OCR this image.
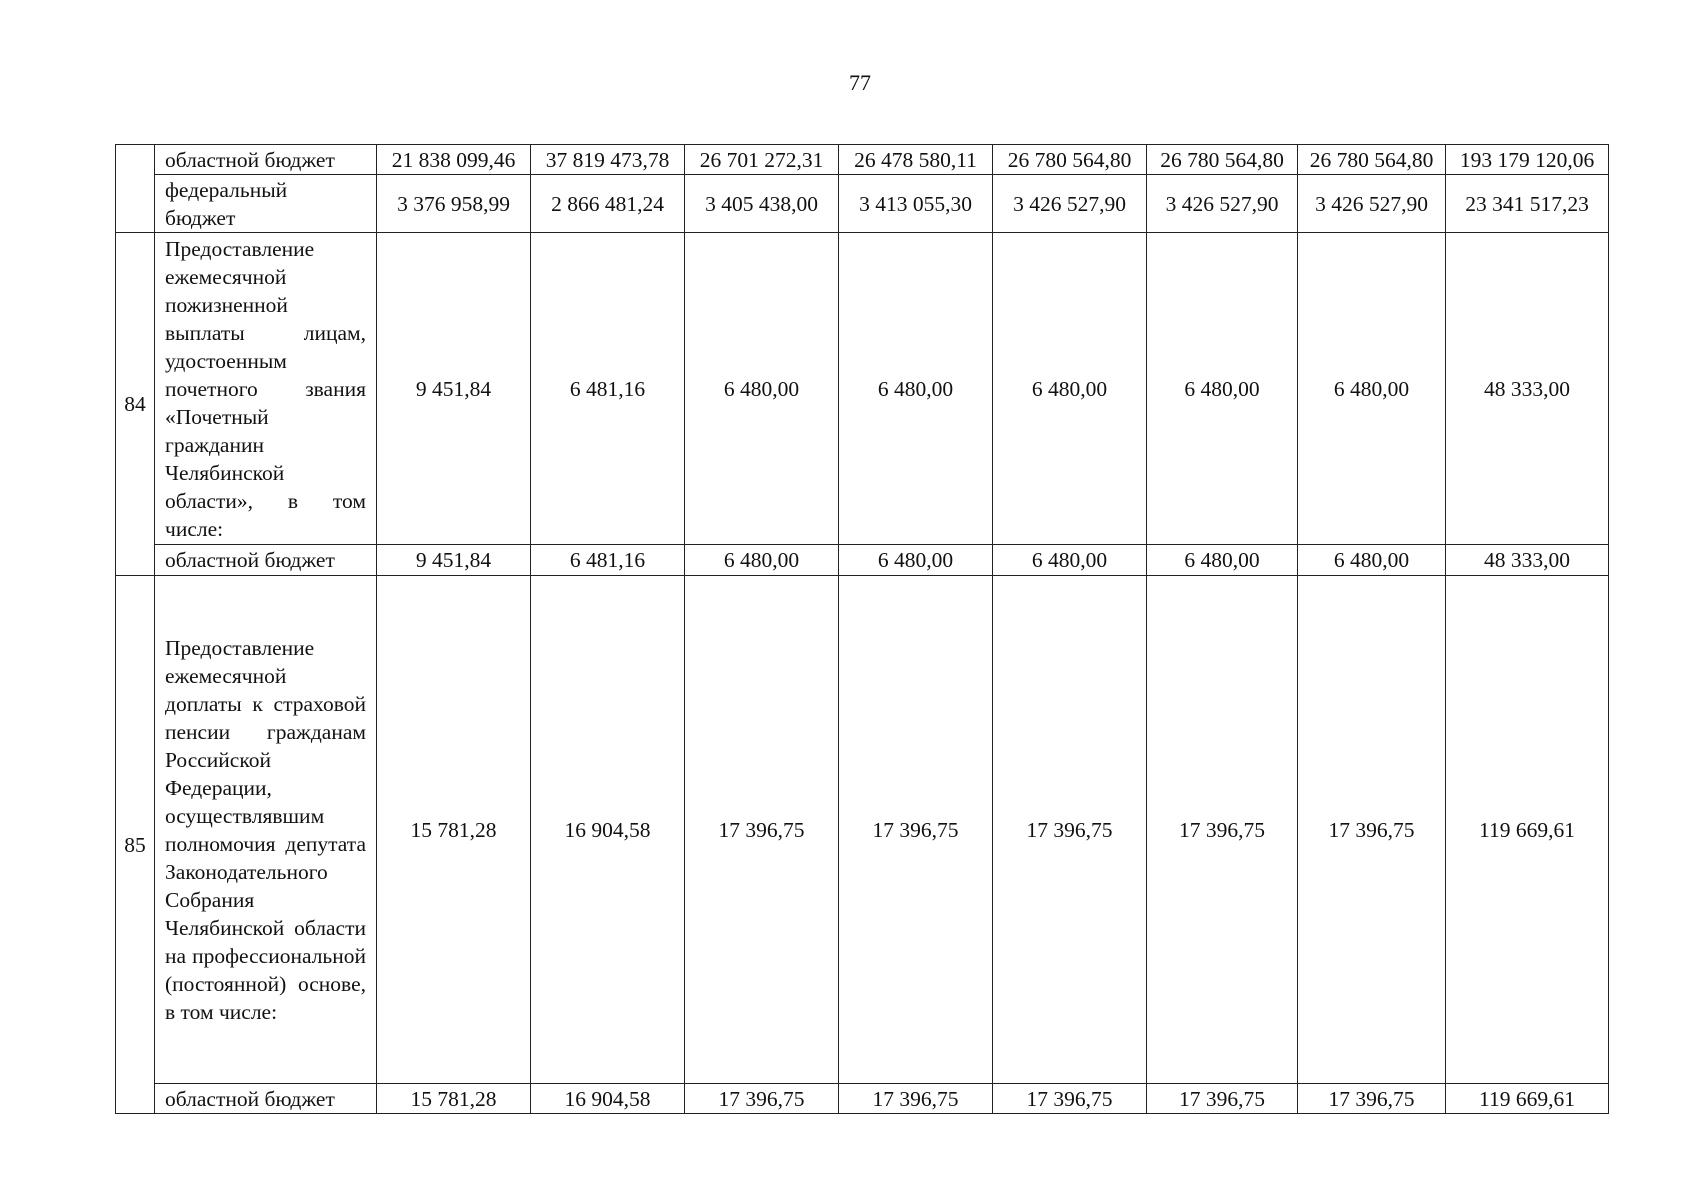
77
	областной бюджет	21 838 099,46	37 819 473,78	26 701 272,31	26 478 580,11	26 780 564,80	26 780 564,80	26 780 564,80	193 179 120,06

	федеральный бюджет	3 376 958,99	2 866 481,24	3 405 438,00	3 413 055,30	3 426 527,90	3 426 527,90	3 426 527,90	23 341 517,23
84	Предоставление ежемесячной пожизненной выплаты лицам, удостоенным почетного звания «Почетный гражданин Челябинской области», в том числе:	9 451,84	6 481,16	6 480,00	6 480,00	6 480,00	6 480,00	6 480,00	48 333,00
	областной бюджет	9 451,84	6 481,16	6 480,00	6 480,00	6 480,00	6 480,00	6 480,00	48 333,00
85	Предоставление ежемесячной доплаты к страховой пенсии гражданам Российской Федерации, осуществлявшим полномочия депутата Законодательного Собрания Челябинской области на профессиональной (постоянной) основе, в том числе:	15 781,28	16 904,58	17 396,75	17 396,75	17 396,75	17 396,75	17 396,75	119 669,61
	областной бюджет	15 781,28	16 904,58	17 396,75	17 396,75	17 396,75	17 396,75	17 396,75	119 669,61
